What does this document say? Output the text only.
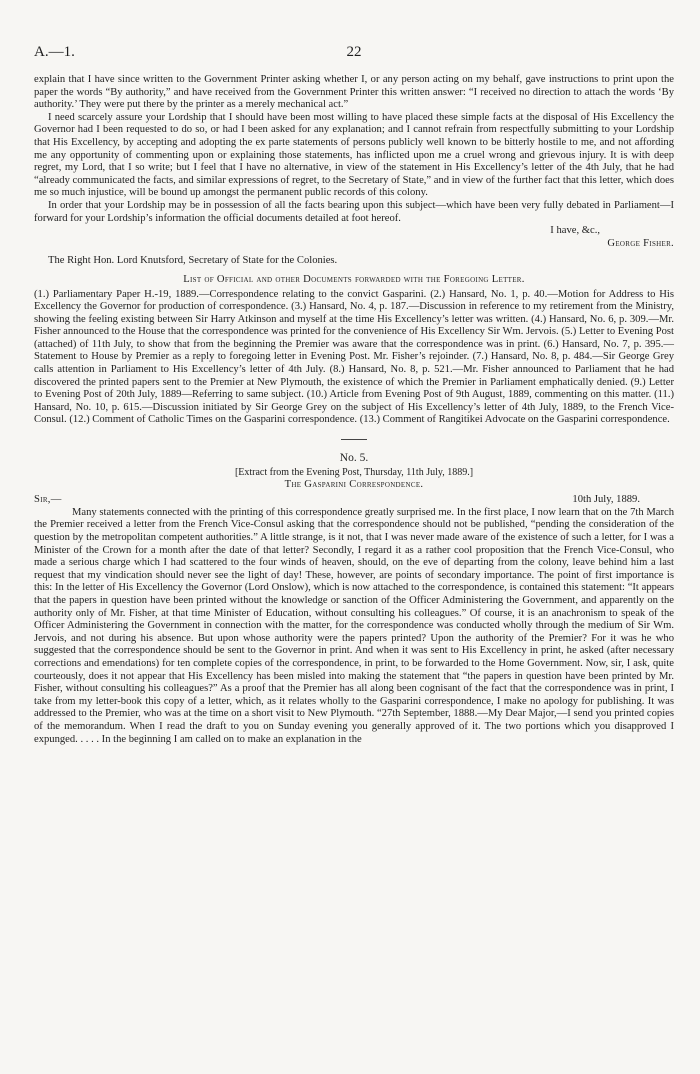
A.—1.	22

explain that I have since written to the Government Printer asking whether I, or any person acting on my behalf, gave instructions to print upon the paper the words “By authority,” and have received from the Government Printer this written answer: “I received no direction to attach the words ‘By authority.’ They were put there by the printer as a merely mechanical act.”

I need scarcely assure your Lordship that I should have been most willing to have placed these simple facts at the disposal of His Excellency the Governor had I been requested to do so, or had I been asked for any explanation; and I cannot refrain from respectfully submitting to your Lordship that His Excellency, by accepting and adopting the ex parte statements of persons publicly well known to be bitterly hostile to me, and not affording me any opportunity of commenting upon or explaining those statements, has inflicted upon me a cruel wrong and grievous injury. It is with deep regret, my Lord, that I so write; but I feel that I have no alternative, in view of the statement in His Excellency’s letter of the 4th July, that he had “already communicated the facts, and similar expressions of regret, to the Secretary of State,” and in view of the further fact that this letter, which does me so much injustice, will be bound up amongst the permanent public records of this colony.

In order that your Lordship may be in possession of all the facts bearing upon this subject—which have been very fully debated in Parliament—I forward for your Lordship’s information the official documents detailed at foot hereof.

I have, &c.,

George Fisher.

The Right Hon. Lord Knutsford, Secretary of State for the Colonies.

List of Official and other Documents forwarded with the Foregoing Letter.

(1.) Parliamentary Paper H.-19, 1889.—Correspondence relating to the convict Gasparini. (2.) Hansard, No. 1, p. 40.—Motion for Address to His Excellency the Governor for production of correspondence. (3.) Hansard, No. 4, p. 187.—Discussion in reference to my retirement from the Ministry, showing the feeling existing between Sir Harry Atkinson and myself at the time His Excellency’s letter was written. (4.) Hansard, No. 6, p. 309.—Mr. Fisher announced to the House that the correspondence was printed for the convenience of His Excellency Sir Wm. Jervois. (5.) Letter to Evening Post (attached) of 11th July, to show that from the beginning the Premier was aware that the correspondence was in print. (6.) Hansard, No. 7, p. 395.—Statement to House by Premier as a reply to foregoing letter in Evening Post. Mr. Fisher’s rejoinder. (7.) Hansard, No. 8, p. 484.—Sir George Grey calls attention in Parliament to His Excellency’s letter of 4th July. (8.) Hansard, No. 8, p. 521.—Mr. Fisher announced to Parliament that he had discovered the printed papers sent to the Premier at New Plymouth, the existence of which the Premier in Parliament emphatically denied. (9.) Letter to Evening Post of 20th July, 1889—Referring to same subject. (10.) Article from Evening Post of 9th August, 1889, commenting on this matter. (11.) Hansard, No. 10, p. 615.—Discussion initiated by Sir George Grey on the subject of His Excellency’s letter of 4th July, 1889, to the French Vice-Consul. (12.) Comment of Catholic Times on the Gasparini correspondence. (13.) Comment of Rangitikei Advocate on the Gasparini correspondence.

No. 5.

[Extract from the Evening Post, Thursday, 11th July, 1889.]

The Gasparini Correspondence.

Sir,—	10th July, 1889.

Many statements connected with the printing of this correspondence greatly surprised me. In the first place, I now learn that on the 7th March the Premier received a letter from the French Vice-Consul asking that the correspondence should not be published, “pending the consideration of the question by the metropolitan competent authorities.” A little strange, is it not, that I was never made aware of the existence of such a letter, for I was a Minister of the Crown for a month after the date of that letter? Secondly, I regard it as a rather cool proposition that the French Vice-Consul, who made a serious charge which I had scattered to the four winds of heaven, should, on the eve of departing from the colony, leave behind him a last request that my vindication should never see the light of day! These, however, are points of secondary importance. The point of first importance is this: In the letter of His Excellency the Governor (Lord Onslow), which is now attached to the correspondence, is contained this statement: “It appears that the papers in question have been printed without the knowledge or sanction of the Officer Administering the Government, and apparently on the authority only of Mr. Fisher, at that time Minister of Education, without consulting his colleagues.” Of course, it is an anachronism to speak of the Officer Administering the Government in connection with the matter, for the correspondence was conducted wholly through the medium of Sir Wm. Jervois, and not during his absence. But upon whose authority were the papers printed? Upon the authority of the Premier? For it was he who suggested that the correspondence should be sent to the Governor in print. And when it was sent to His Excellency in print, he asked (after necessary corrections and emendations) for ten complete copies of the correspondence, in print, to be forwarded to the Home Government. Now, sir, I ask, quite courteously, does it not appear that His Excellency has been misled into making the statement that “the papers in question have been printed by Mr. Fisher, without consulting his colleagues?” As a proof that the Premier has all along been cognisant of the fact that the correspondence was in print, I take from my letter-book this copy of a letter, which, as it relates wholly to the Gasparini correspondence, I make no apology for publishing. It was addressed to the Premier, who was at the time on a short visit to New Plymouth. “27th September, 1888.—My Dear Major,—I send you printed copies of the memorandum. When I read the draft to you on Sunday evening you generally approved of it. The two portions which you disapproved I expunged. . . . . In the beginning I am called on to make an explanation in the
